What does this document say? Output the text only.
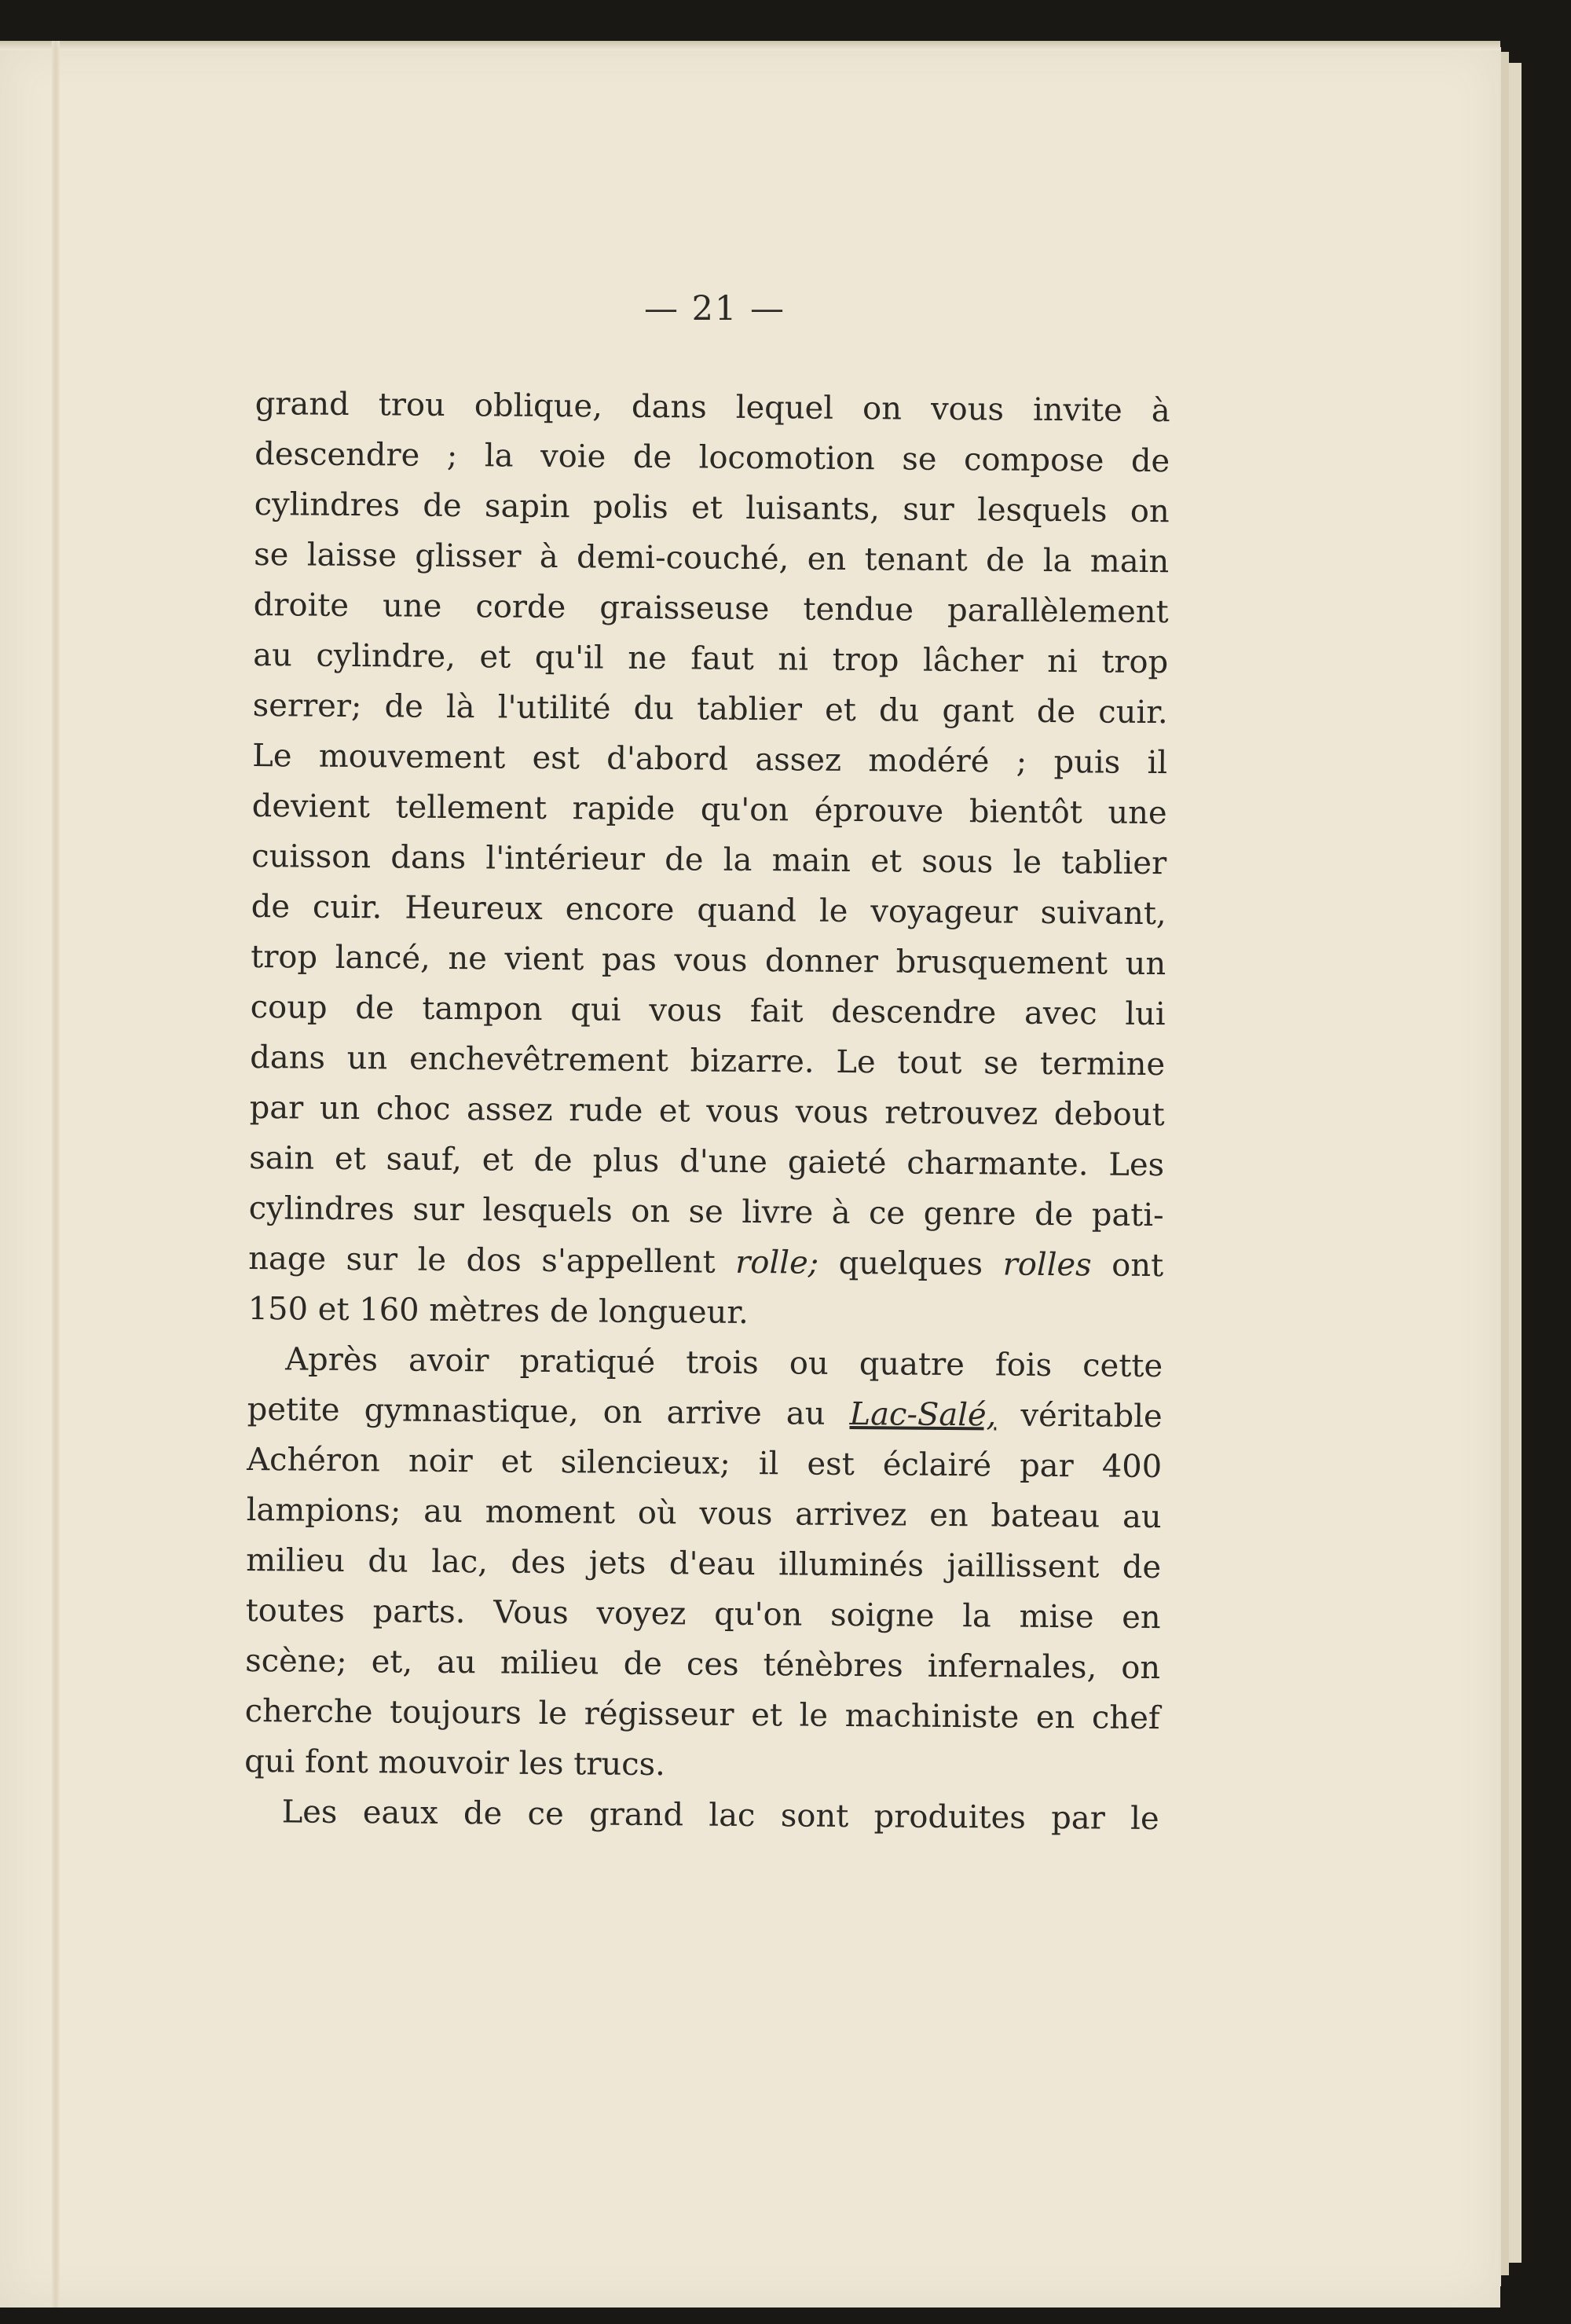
— 21 —
grand trou oblique, dans lequel on vous invite à
descendre ; la voie de locomotion se compose de
cylindres de sapin polis et luisants, sur lesquels on
se laisse glisser à demi-couché, en tenant de la main
droite une corde graisseuse tendue parallèlement
au cylindre, et qu'il ne faut ni trop lâcher ni trop
serrer; de là l'utilité du tablier et du gant de cuir.
Le mouvement est d'abord assez modéré ; puis il
devient tellement rapide qu'on éprouve bientôt une
cuisson dans l'intérieur de la main et sous le tablier
de cuir. Heureux encore quand le voyageur suivant,
trop lancé, ne vient pas vous donner brusquement un
coup de tampon qui vous fait descendre avec lui
dans un enchevêtrement bizarre. Le tout se termine
par un choc assez rude et vous vous retrouvez debout
sain et sauf, et de plus d'une gaieté charmante. Les
cylindres sur lesquels on se livre à ce genre de pati-
nage sur le dos s'appellent rolle; quelques rolles ont
150 et 160 mètres de longueur.
Après avoir pratiqué trois ou quatre fois cette
petite gymnastique, on arrive au Lac-Salé, véritable
Achéron noir et silencieux; il est éclairé par 400
lampions; au moment où vous arrivez en bateau au
milieu du lac, des jets d'eau illuminés jaillissent de
toutes parts. Vous voyez qu'on soigne la mise en
scène; et, au milieu de ces ténèbres infernales, on
cherche toujours le régisseur et le machiniste en chef
qui font mouvoir les trucs.
Les eaux de ce grand lac sont produites par le
